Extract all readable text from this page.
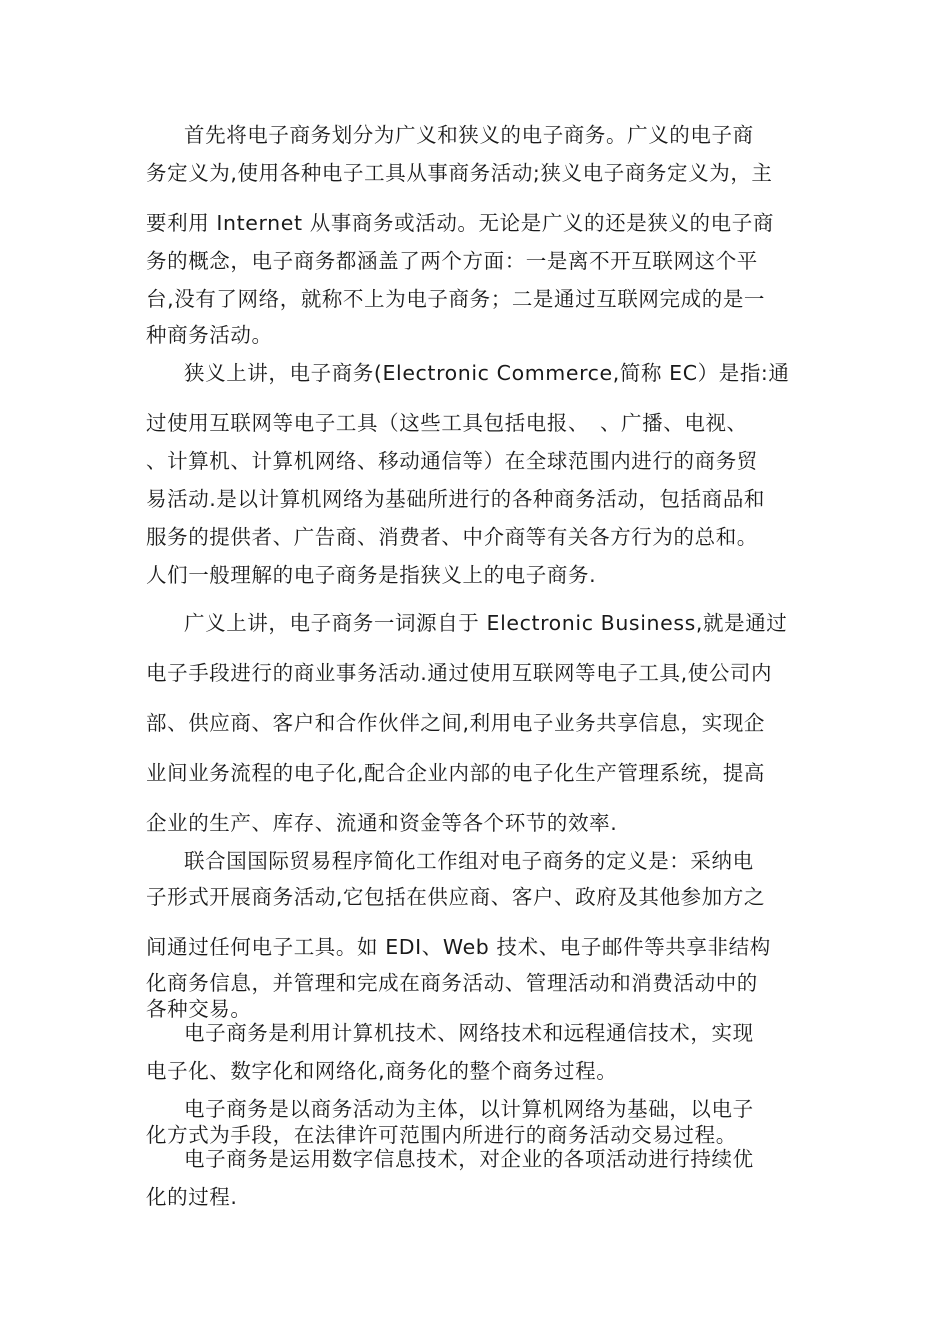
首先将电子商务划分为广义和狭义的电子商务。广义的电子商
务定义为,使用各种电子工具从事商务活动;狭义电子商务定义为，主
要利用 Internet 从事商务或活动。无论是广义的还是狭义的电子商
务的概念，电子商务都涵盖了两个方面：一是离不开互联网这个平
台,没有了网络，就称不上为电子商务；二是通过互联网完成的是一
种商务活动。
狭义上讲，电子商务(Electronic Commerce,简称 EC）是指:通
过使用互联网等电子工具（这些工具包括电报、　、广播、电视、
、计算机、计算机网络、移动通信等）在全球范围内进行的商务贸
易活动.是以计算机网络为基础所进行的各种商务活动，包括商品和
服务的提供者、广告商、消费者、中介商等有关各方行为的总和。
人们一般理解的电子商务是指狭义上的电子商务.
广义上讲，电子商务一词源自于 Electronic Business,就是通过
电子手段进行的商业事务活动.通过使用互联网等电子工具,使公司内
部、供应商、客户和合作伙伴之间,利用电子业务共享信息，实现企
业间业务流程的电子化,配合企业内部的电子化生产管理系统，提高
企业的生产、库存、流通和资金等各个环节的效率.
联合国国际贸易程序简化工作组对电子商务的定义是：采纳电
子形式开展商务活动,它包括在供应商、客户、政府及其他参加方之
间通过任何电子工具。如 EDI、Web 技术、电子邮件等共享非结构
化商务信息，并管理和完成在商务活动、管理活动和消费活动中的
各种交易。
电子商务是利用计算机技术、网络技术和远程通信技术，实现
电子化、数字化和网络化,商务化的整个商务过程。
电子商务是以商务活动为主体，以计算机网络为基础，以电子
化方式为手段，在法律许可范围内所进行的商务活动交易过程。
电子商务是运用数字信息技术，对企业的各项活动进行持续优
化的过程.
